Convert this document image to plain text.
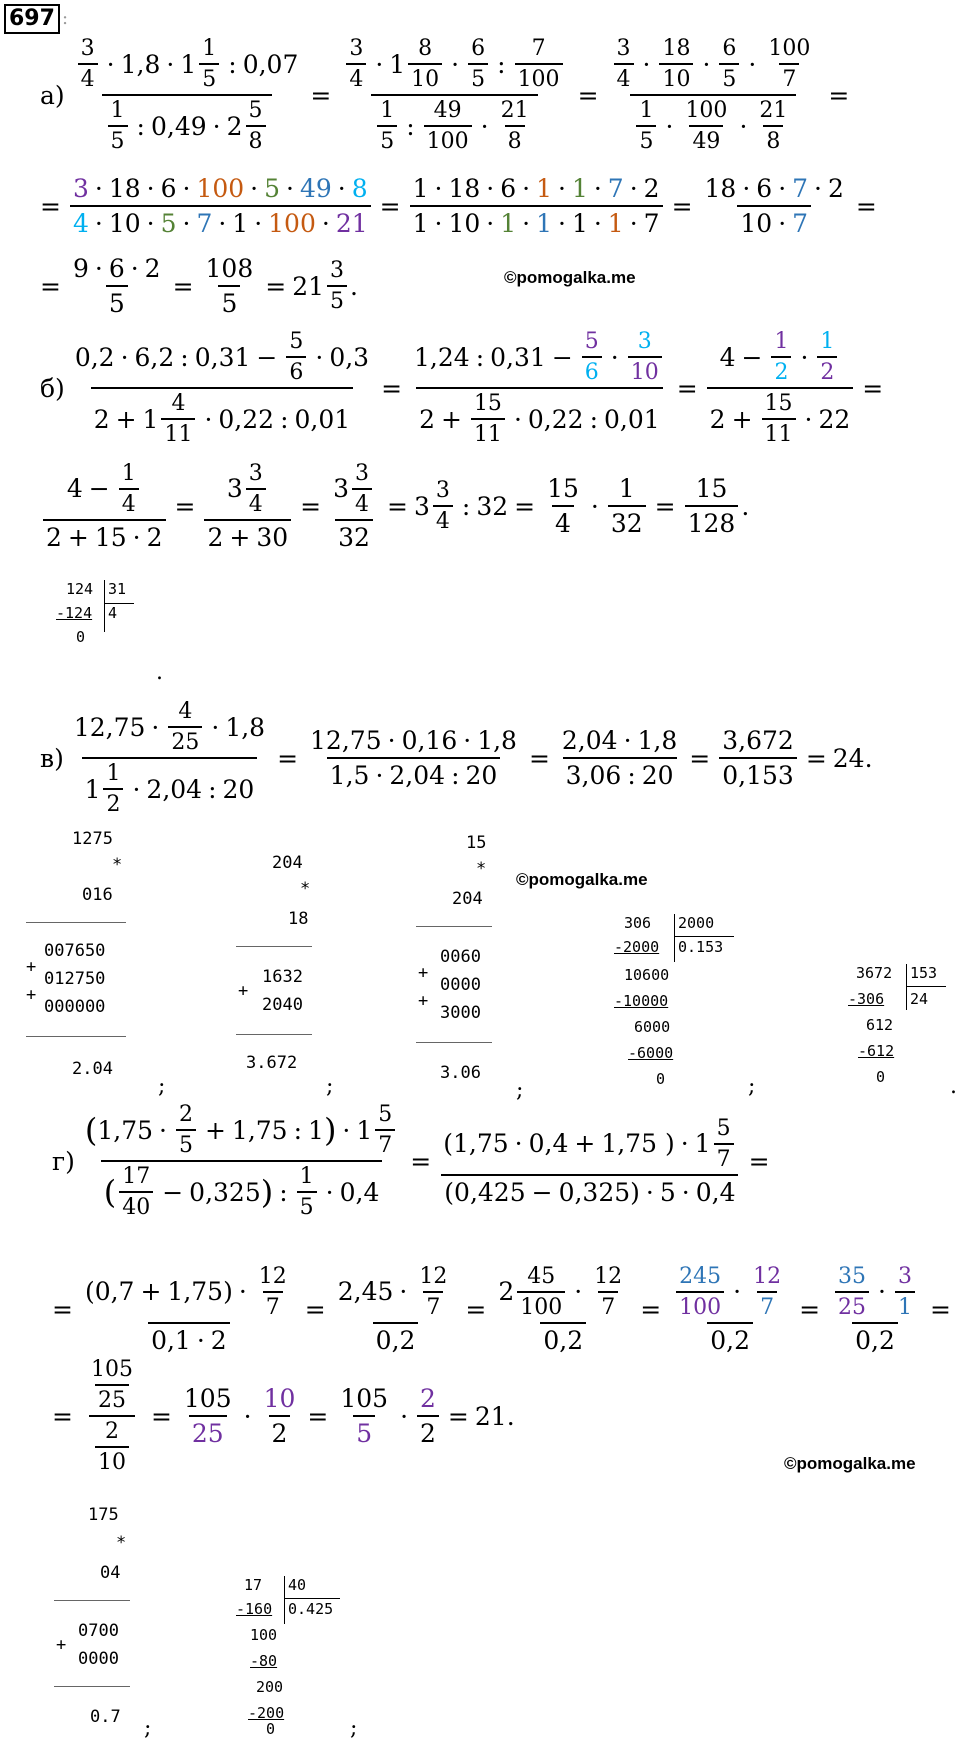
697 :
$а) \frac{\frac{3}{4} \cdot 1,8 \cdot 1 \frac{1}{5} : 0,07}{\frac{1}{5} : 0,49 \cdot 2 \frac{5}{8}} = \frac{\frac{3}{4} \cdot 1 \frac{8}{10} \cdot \frac{6}{5} : \frac{7}{100}}{\frac{1}{5} : \frac{49}{100} \cdot \frac{21}{8}} = \frac{\frac{3}{4} \cdot \frac{18}{10} \cdot \frac{6}{5} \cdot \frac{100}{7}}{\frac{1}{5} \cdot \frac{100}{49} \cdot \frac{21}{8}}$ =
= $\frac{3 \cdot 18 \cdot 6 \cdot 100 \cdot 5 \cdot 49 \cdot 8}{4 \cdot 10 \cdot 5 \cdot 7 \cdot 1 \cdot 100 \cdot 21} = \frac{1 \cdot 18 \cdot 6 \cdot 1 \cdot 1 \cdot 7 \cdot 2}{1 \cdot 10 \cdot 1 \cdot 1 \cdot 1 \cdot 1 \cdot 7} = \frac{18 \cdot 6 \cdot 7 \cdot 2}{10 \cdot 7}$ =
= $\frac{9 \cdot 6 \cdot 2}{5} = \frac{108}{5} = 21 \frac{3}{5}$ .	©pomogalka.me
$б) \frac{0,2 \cdot 6,2 : 0,31 - \frac{5}{6} \cdot 0,3}{2 + 1 \frac{4}{11} \cdot 0,22 : 0,01} = \frac{1,24 : 0,31 - \frac{5}{6} \cdot \frac{3}{10}}{2 + \frac{15}{11} \cdot 0,22 : 0,01} = \frac{4 - \frac{1}{2} \cdot \frac{1}{2}}{2 + \frac{15}{11} \cdot 22}$ =
$\frac{4 - \frac{1}{4}}{2 + 15 \cdot 2} = \frac{3 \frac{3}{4}}{2 + 30} = \frac{3 \frac{3}{4}}{32} = 3 \frac{3}{4}$ : $32 = \frac{15}{4} \cdot \frac{1}{32} = \frac{15}{128}$ .
124 31
-124 4
0
.
$в) \frac{12,75 \cdot \frac{4}{25} \cdot 1,8}{1 \frac{1}{2} \cdot 2,04 : 20} = \frac{12,75 \cdot 0,16 \cdot 1,8}{1,5 \cdot 2,04 : 20} = \frac{2,04 \cdot 1,8}{3,06 : 20} = \frac{3,672}{0,153} = 24$ .
1275
*
016
007650
+
012750
+
000000
2.04
;
204
*
18
+
1632
2040
3.672
;
15
*
204
0060
+
0000
+
3000
3.06
;
©pomogalka.me
306 2000
-2000 0.153
10600
-10000
6000
-6000
0	;
3672 153
-306 24
612
-612
0	.
$г) \frac{( 1,75 \cdot \frac{2}{5} + 1,75 : 1 ) \cdot 1 \frac{5}{7}}{( \frac{17}{40} - 0,325 ) : \frac{1}{5} \cdot 0,4} = \frac{(1,75 \cdot 0,4 + 1,75 ) \cdot 1 \frac{5}{7}}{(0,425 - 0,325) \cdot 5 \cdot 0,4}$ =
= $\frac{(0,7 + 1,75) \cdot \frac{12}{7}}{0,1 \cdot 2} = \frac{2,45 \cdot \frac{12}{7}}{0,2} = \frac{2 \frac{45}{100} \cdot \frac{12}{7}}{0,2} = \frac{\frac{245}{100} \cdot \frac{12}{7}}{0,2} = \frac{\frac{35}{25} \cdot \frac{3}{1}}{0,2}$ =
= $\frac{\frac{105}{25}}{\frac{2}{10}} = \frac{105}{25} \cdot \frac{10}{2} = \frac{105}{5} \cdot \frac{2}{2} = 21$ .
©pomogalka.me
175
*
04
+
0700
0000
0.7 ;
17 40
-160 0.425
100
-80
200
-200
0	;
